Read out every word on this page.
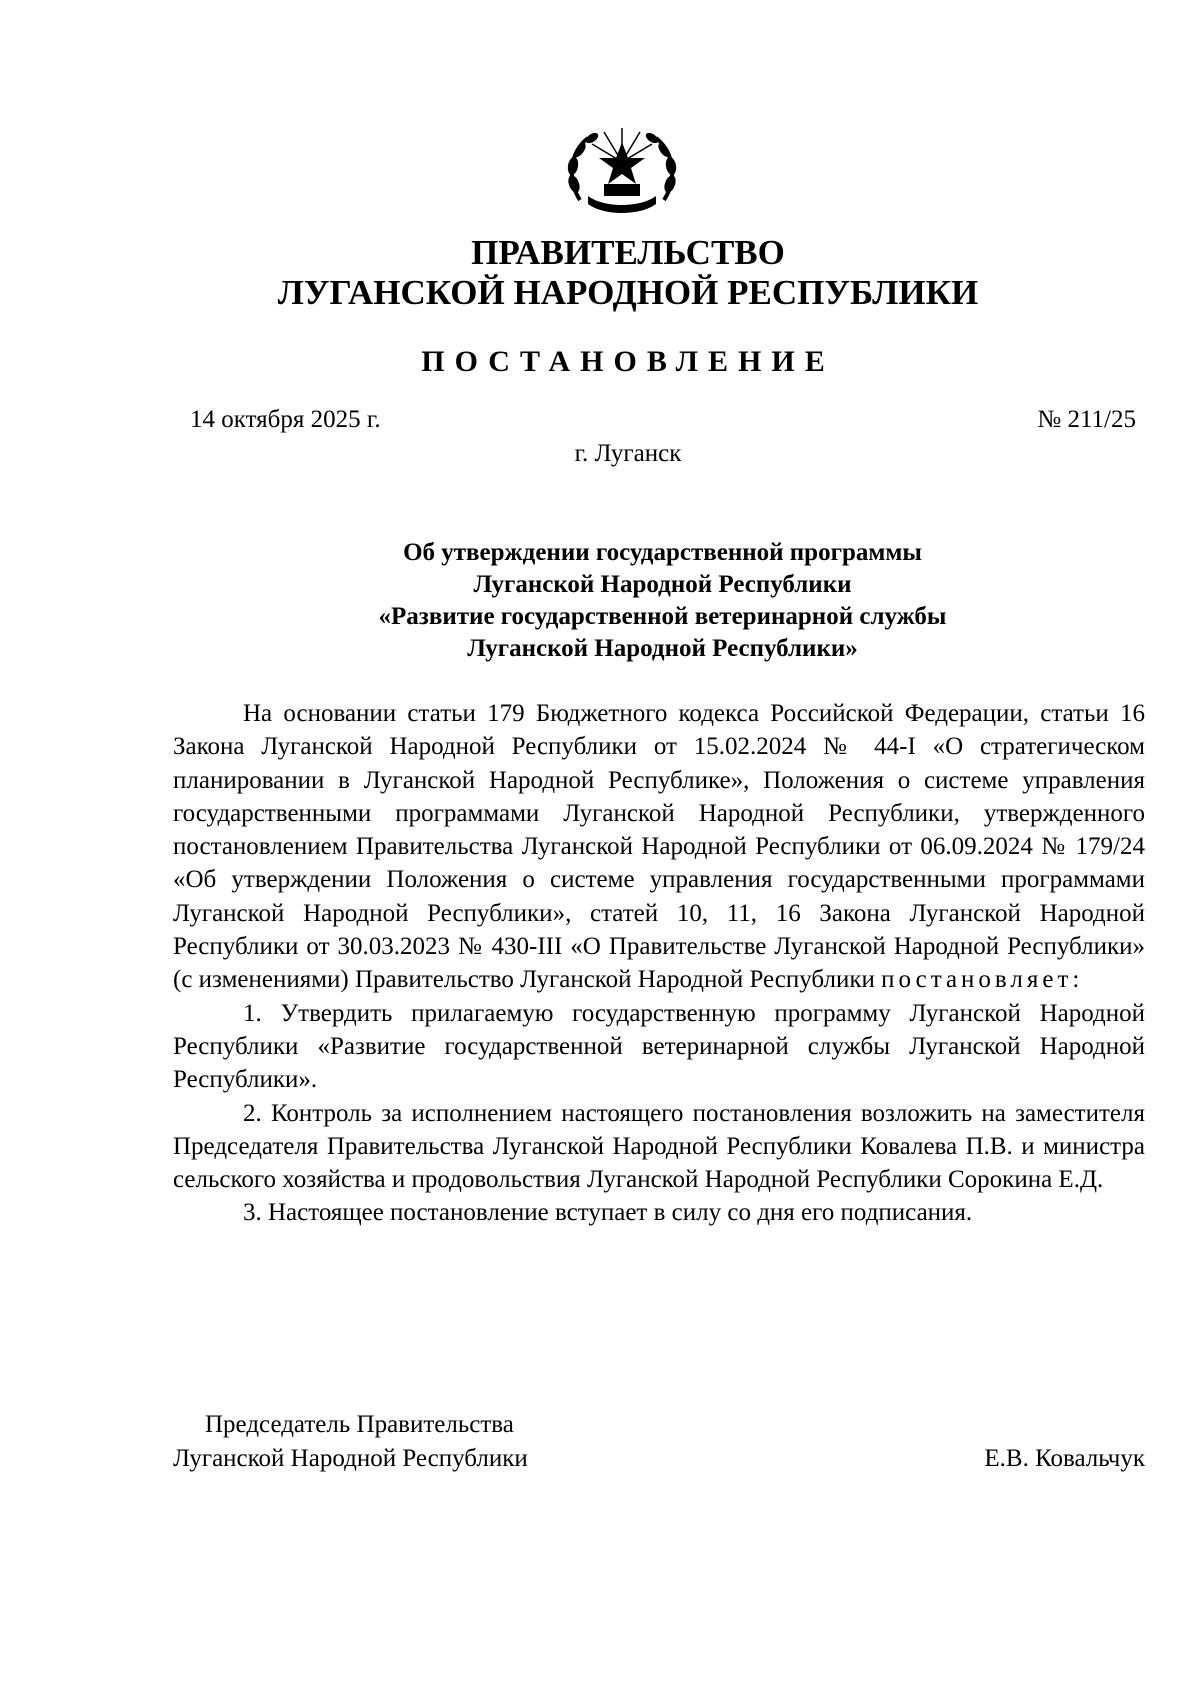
ПРАВИТЕЛЬСТВО
ЛУГАНСКОЙ НАРОДНОЙ РЕСПУБЛИКИ
ПОСТАНОВЛЕНИЕ
14 октября 2025 г.	№ 211/25
г. Луганск
Об утверждении государственной программы
Луганской Народной Республики
«Развитие государственной ветеринарной службы
Луганской Народной Республики»

На основании статьи 179 Бюджетного кодекса Российской Федерации, статьи 16 Закона Луганской Народной Республики от 15.02.2024 № 44-I «О стратегическом планировании в Луганской Народной Республике», Положения о системе управления государственными программами Луганской Народной Республики, утвержденного постановлением Правительства Луганской Народной Республики от 06.09.2024 № 179/24 «Об утверждении Положения о системе управления государственными программами Луганской Народной Республики», статей 10, 11, 16 Закона Луганской Народной Республики от 30.03.2023 № 430-III «О Правительстве Луганской Народной Республики» (с изменениями) Правительство Луганской Народной Республики постановляет:

1. Утвердить прилагаемую государственную программу Луганской Народной Республики «Развитие государственной ветеринарной службы Луганской Народной Республики».

2. Контроль за исполнением настоящего постановления возложить на заместителя Председателя Правительства Луганской Народной Республики Ковалева П.В. и министра сельского хозяйства и продовольствия Луганской Народной Республики Сорокина Е.Д.

3. Настоящее постановление вступает в силу со дня его подписания.

Председатель Правительства
Луганской Народной Республики	Е.В. Ковальчук
